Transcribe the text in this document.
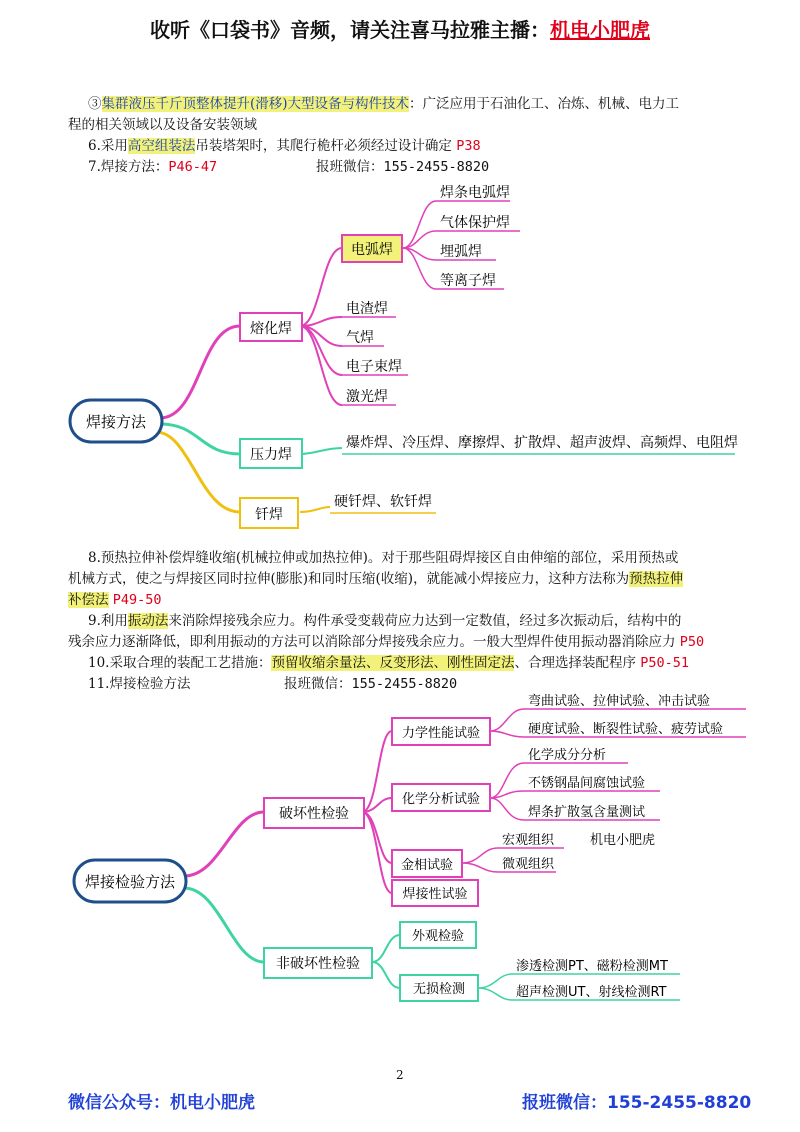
收听《口袋书》音频，请关注喜马拉雅主播：机电小肥虎
③集群液压千斤顶整体提升(滑移)大型设备与构件技术：广泛应用于石油化工、冶炼、机械、电力工
程的相关领域以及设备安装领域
6.采用高空组装法吊装塔架时，其爬行桅杆必须经过设计确定 P38
7.焊接方法：P46-47	报班微信：155-2455-8820
焊接方法
熔化焊
电弧焊
焊条电弧焊
气体保护焊
埋弧焊
等离子焊
电渣焊
气焊
电子束焊
激光焊
压力焊
爆炸焊、冷压焊、摩擦焊、扩散焊、超声波焊、高频焊、电阻焊
钎焊
硬钎焊、软钎焊
8.预热拉伸补偿焊缝收缩(机械拉伸或加热拉伸)。对于那些阻碍焊接区自由伸缩的部位，采用预热或
机械方式，使之与焊接区同时拉伸(膨胀)和同时压缩(收缩)，就能减小焊接应力，这种方法称为预热拉伸
补偿法 P49-50
9.利用振动法来消除焊接残余应力。构件承受变载荷应力达到一定数值，经过多次振动后，结构中的
残余应力逐渐降低，即利用振动的方法可以消除部分焊接残余应力。一般大型焊件使用振动器消除应力 P50
10.采取合理的装配工艺措施：预留收缩余量法、反变形法、刚性固定法、合理选择装配程序 P50-51
11.焊接检验方法	报班微信：155-2455-8820
焊接检验方法
破坏性检验
力学性能试验
弯曲试验、拉伸试验、冲击试验
硬度试验、断裂性试验、疲劳试验
化学分析试验
化学成分分析
不锈钢晶间腐蚀试验
焊条扩散氢含量测试
金相试验
宏观组织
微观组织
机电小肥虎
焊接性试验
非破坏性检验
外观检验
无损检测
渗透检测PT、磁粉检测MT
超声检测UT、射线检测RT
2
微信公众号：机电小肥虎	报班微信：155-2455-8820
